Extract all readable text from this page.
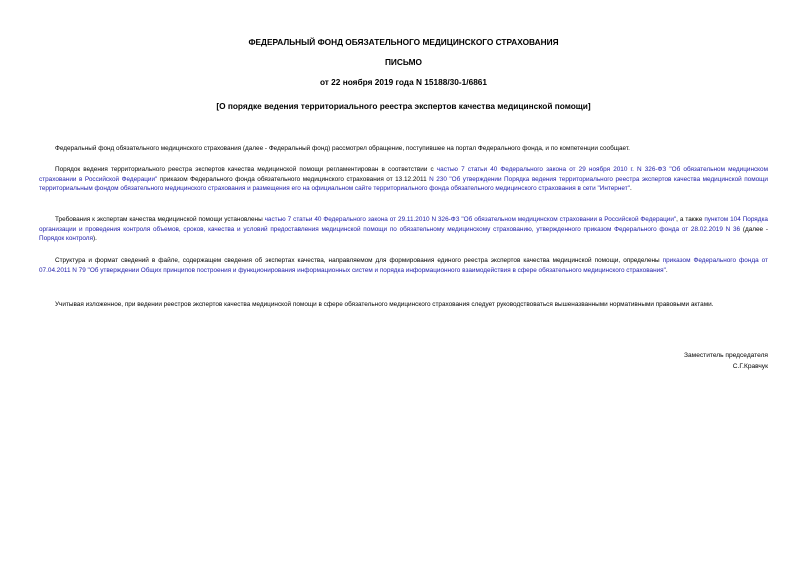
ФЕДЕРАЛЬНЫЙ ФОНД ОБЯЗАТЕЛЬНОГО МЕДИЦИНСКОГО СТРАХОВАНИЯ
ПИСЬМО
от 22 ноября 2019 года N 15188/30-1/6861
[О порядке ведения территориального реестра экспертов качества медицинской помощи]
Федеральный фонд обязательного медицинского страхования (далее - Федеральный фонд) рассмотрел обращение, поступившее на портал Федерального фонда, и по компетенции сообщает.
Порядок ведения территориального реестра экспертов качества медицинской помощи регламентирован в соответствии с частью 7 статьи 40 Федерального закона от 29 ноября 2010 г. N 326-ФЗ "Об обязательном медицинском страховании в Российской Федерации" приказом Федерального фонда обязательного медицинского страхования от 13.12.2011 N 230 "Об утверждении Порядка ведения территориального реестра экспертов качества медицинской помощи территориальным фондом обязательного медицинского страхования и размещения его на официальном сайте территориального фонда обязательного медицинского страхования в сети "Интернет".
Требования к экспертам качества медицинской помощи установлены частью 7 статьи 40 Федерального закона от 29.11.2010 N 326-ФЗ "Об обязательном медицинском страховании в Российской Федерации", а также пунктом 104 Порядка организации и проведения контроля объемов, сроков, качества и условий предоставления медицинской помощи по обязательному медицинскому страхованию, утвержденного приказом Федерального фонда от 28.02.2019 N 36 (далее - Порядок контроля).
Структура и формат сведений в файле, содержащем сведения об экспертах качества, направляемом для формирования единого реестра экспертов качества медицинской помощи, определены приказом Федерального фонда от 07.04.2011 N 79 "Об утверждении Общих принципов построения и функционирования информационных систем и порядка информационного взаимодействия в сфере обязательного медицинского страхования".
Учитывая изложенное, при ведении реестров экспертов качества медицинской помощи в сфере обязательного медицинского страхования следует руководствоваться вышеназванными нормативными правовыми актами.
Заместитель председателя
С.Г.Кравчук
